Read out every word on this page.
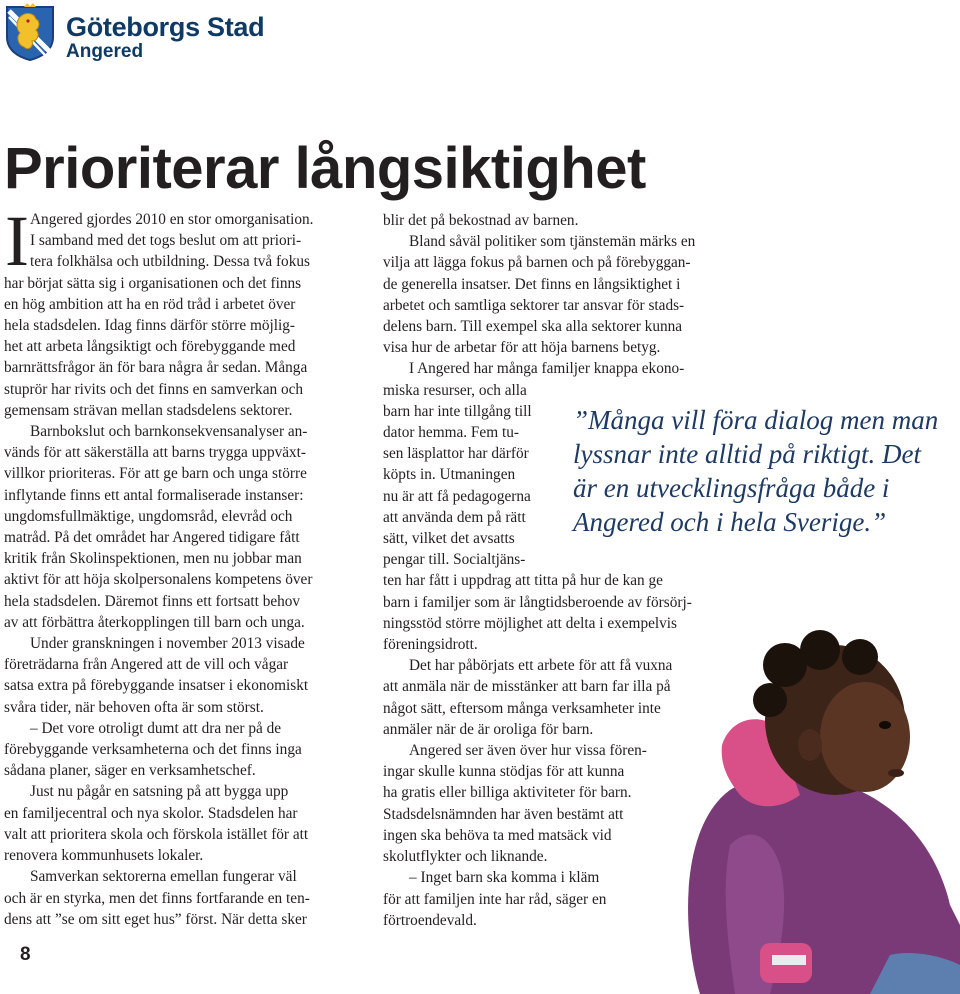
Göteborgs Stad
Angered
Prioriterar långsiktighet
I Angered gjordes 2010 en stor omorganisation.

I samband med det togs beslut om att priori-

tera folkhälsa och utbildning. Dessa två fokus

har börjat sätta sig i organisationen och det finns

en hög ambition att ha en röd tråd i arbetet över

hela stadsdelen. Idag finns därför större möjlig-

het att arbeta långsiktigt och förebyggande med

barnrättsfrågor än för bara några år sedan. Många

stuprör har rivits och det finns en samverkan och

gemensam strävan mellan stadsdelens sektorer.

Barnbokslut och barnkonsekvensanalyser an-

vänds för att säkerställa att barns trygga uppväxt-

villkor prioriteras. För att ge barn och unga större

inflytande finns ett antal formaliserade instanser:

ungdomsfullmäktige, ungdomsråd, elevråd och

matråd. På det området har Angered tidigare fått

kritik från Skolinspektionen, men nu jobbar man

aktivt för att höja skolpersonalens kompetens över

hela stadsdelen. Däremot finns ett fortsatt behov

av att förbättra återkopplingen till barn och unga.

Under granskningen i november 2013 visade

företrädarna från Angered att de vill och vågar

satsa extra på förebyggande insatser i ekonomiskt

svåra tider, när behoven ofta är som störst.

– Det vore otroligt dumt att dra ner på de

förebyggande verksamheterna och det finns inga

sådana planer, säger en verksamhetschef.

Just nu pågår en satsning på att bygga upp

en familjecentral och nya skolor. Stadsdelen har

valt att prioritera skola och förskola istället för att

renovera kommunhusets lokaler.

Samverkan sektorerna emellan fungerar väl

och är en styrka, men det finns fortfarande en ten-

dens att ”se om sitt eget hus” först. När detta sker

blir det på bekostnad av barnen.

Bland såväl politiker som tjänstemän märks en

vilja att lägga fokus på barnen och på förebyggan-

de generella insatser. Det finns en långsiktighet i

arbetet och samtliga sektorer tar ansvar för stads-

delens barn. Till exempel ska alla sektorer kunna

visa hur de arbetar för att höja barnens betyg.

I Angered har många familjer knappa ekono-

miska resurser, och alla

barn har inte tillgång till

dator hemma. Fem tu-

sen läsplattor har därför

köpts in. Utmaningen

nu är att få pedagogerna

att använda dem på rätt

sätt, vilket det avsatts

pengar till. Socialtjäns-

ten har fått i uppdrag att titta på hur de kan ge

barn i familjer som är långtidsberoende av försörj-

ningsstöd större möjlighet att delta i exempelvis

föreningsidrott.

Det har påbörjats ett arbete för att få vuxna

att anmäla när de misstänker att barn far illa på

något sätt, eftersom många verksamheter inte

anmäler när de är oroliga för barn.

Angered ser även över hur vissa fören-

ingar skulle kunna stödjas för att kunna

ha gratis eller billiga aktiviteter för barn.

Stadsdelsnämnden har även bestämt att

ingen ska behöva ta med matsäck vid

skolutflykter och liknande.

– Inget barn ska komma i kläm

för att familjen inte har råd, säger en

förtroendevald.

”Många vill föra dialog men man

lyssnar inte alltid på riktigt. Det

är en utvecklingsfråga både i

Angered och i hela Sverige.”

8
